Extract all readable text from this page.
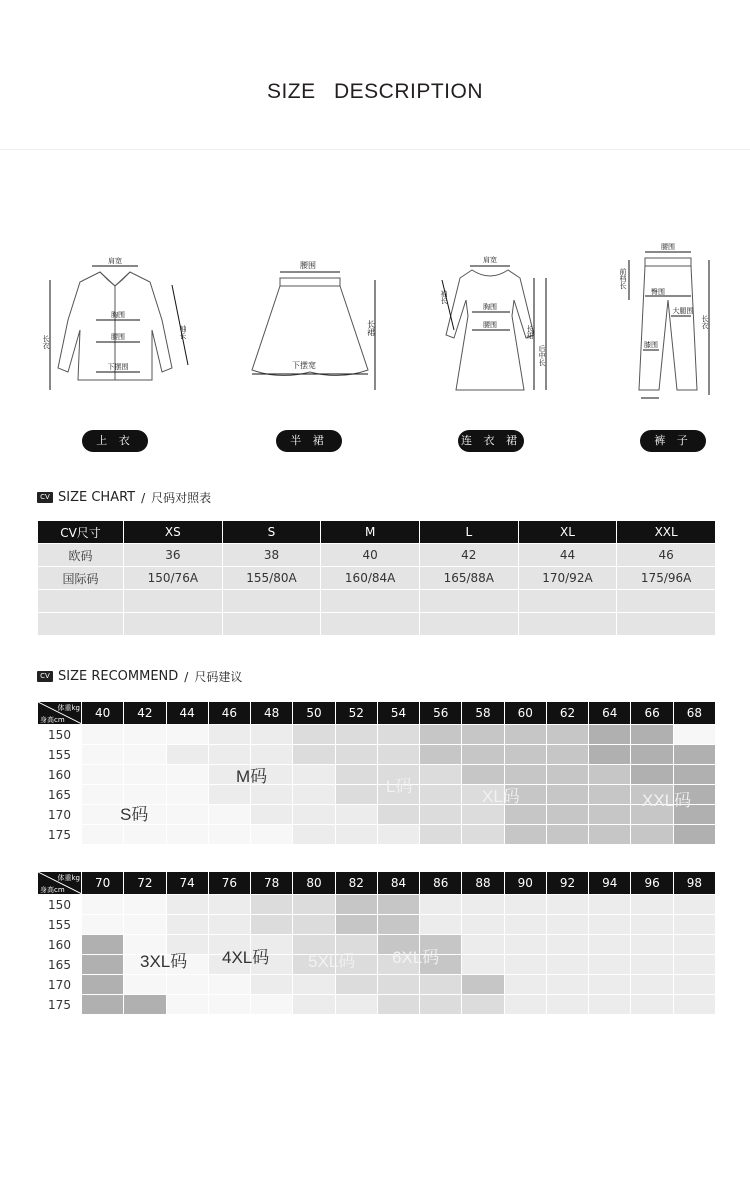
SIZE DESCRIPTION
肩宽
长衣
袖长
胸围
腰围
下摆围
腰围
长裙
下摆宽
肩宽
袖长
胸围
腰围	长裙
后中长
腰围
前档长
臀围
大腿围
长衣
膝围
上 衣	半 裙	连 衣 裙	裤 子
CV SIZE CHART / 尺码对照表
CV尺寸	XS	S	M	L	XL	XXL
欧码	36	38	40	42	44	46
国际码	150/76A	155/80A	160/84A	165/88A	170/92A	175/96A

CV SIZE RECOMMEND / 尺码建议
体重kg
身高cm	40	42	44	46	48	50	52	54	56	58	60	62	64	66	68
150															
155															
160															
165															
170															
175															
体重kg
身高cm	70	72	74	76	78	80	82	84	86	88	90	92	94	96	98
150															
155															
160															
165															
170															
175															
S码
M码
L码
XL码	XXL码
3XL码 4XL码 5XL码 6XL码
